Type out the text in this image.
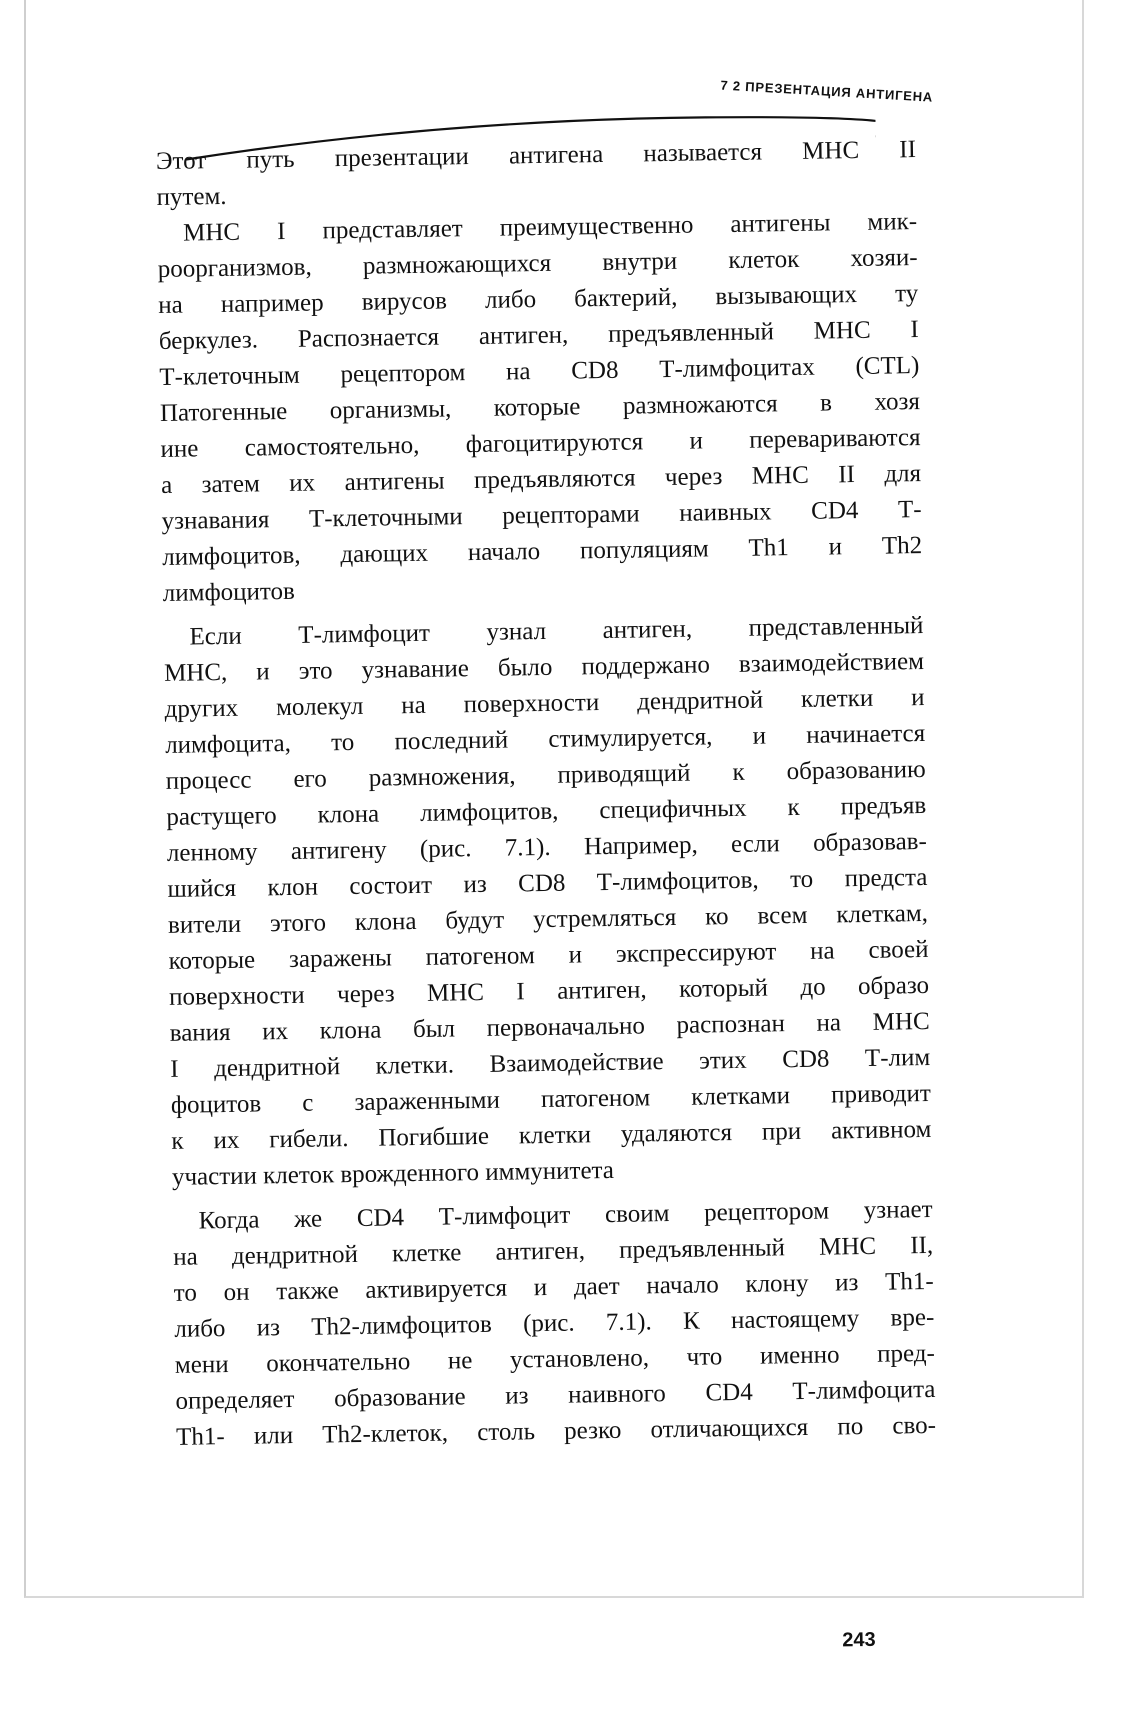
7 2 ПРЕЗЕНТАЦИЯ АНТИГЕНА
Этот путь презентации антигена называется MHC II
путем.
MHC I представляет преимущественно антигены мик-
роорганизмов, размножающихся внутри клеток хозяи-
на например вирусов либо бактерий, вызывающих ту
беркулез. Распознается антиген, предъявленный MHC I
Т-клеточным рецептором на CD8 Т-лимфоцитах (CTL)
Патогенные организмы, которые размножаются в хозя
ине самостоятельно, фагоцитируются и перевариваются
а затем их антигены предъявляются через MHC II для
узнавания Т-клеточными рецепторами наивных CD4 Т-
лимфоцитов, дающих начало популяциям Th1 и Th2
лимфоцитов
Если Т-лимфоцит узнал антиген, представленный
MHC, и это узнавание было поддержано взаимодействием
других молекул на поверхности дендритной клетки и
лимфоцита, то последний стимулируется, и начинается
процесс его размножения, приводящий к образованию
растущего клона лимфоцитов, специфичных к предъяв
ленному антигену (рис. 7.1). Например, если образовав-
шийся клон состоит из CD8 Т-лимфоцитов, то предста
вители этого клона будут устремляться ко всем клеткам,
которые заражены патогеном и экспрессируют на своей
поверхности через MHC I антиген, который до образо
вания их клона был первоначально распознан на MHC
I дендритной клетки. Взаимодействие этих CD8 Т-лим
фоцитов с зараженными патогеном клетками приводит
к их гибели. Погибшие клетки удаляются при активном
участии клеток врожденного иммунитета
Когда же CD4 Т-лимфоцит своим рецептором узнает
на дендритной клетке антиген, предъявленный MHC II,
то он также активируется и дает начало клону из Th1-
либо из Th2-лимфоцитов (рис. 7.1). К настоящему вре-
мени окончательно не установлено, что именно пред-
определяет образование из наивного CD4 Т-лимфоцита
Th1- или Th2-клеток, столь резко отличающихся по сво-
243
